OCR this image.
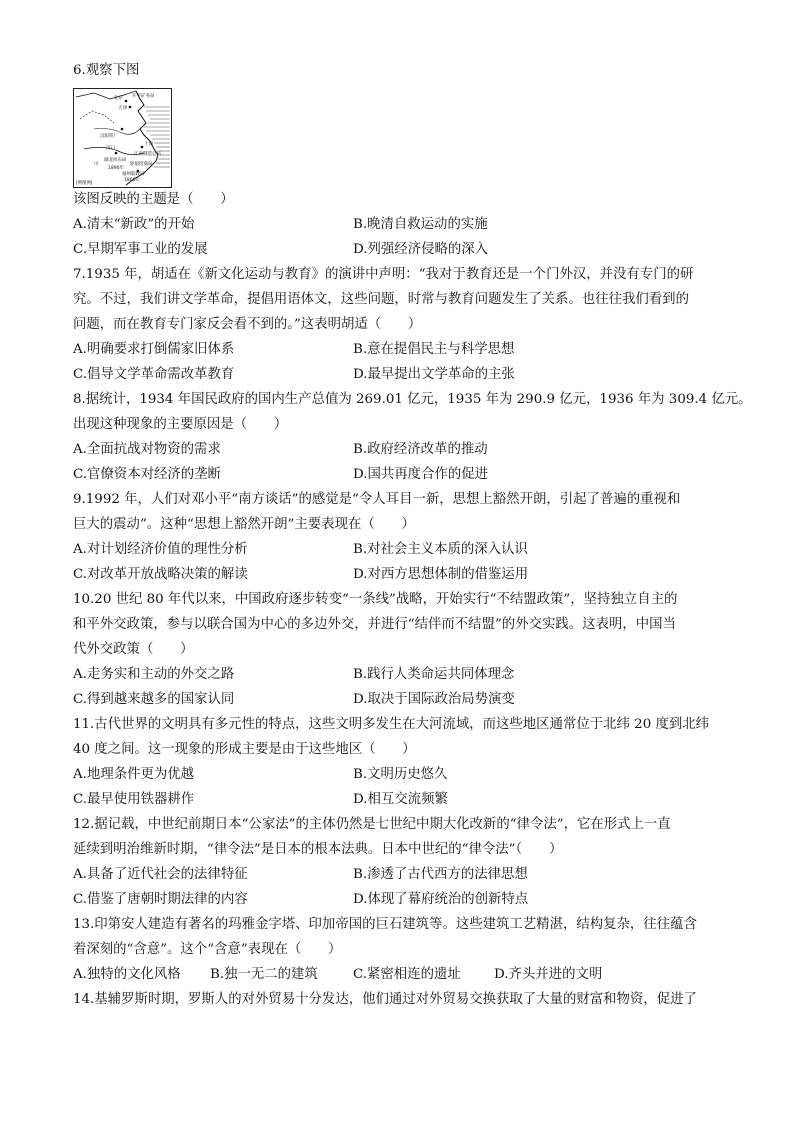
6.观察下图
北京
天津
开平矿务局
汉阳铁厂
上海
汉口
湖北织布局
江南制造总局
1890年
川
福州船政局
轮船招商局
1866年
|例图例|
该图反映的主题是（　　）
A.清末“新政”的开始	B.晚清自救运动的实施
C.早期军事工业的发展	D.列强经济侵略的深入
7.1935 年，胡适在《新文化运动与教育》的演讲中声明：“我对于教育还是一个门外汉，并没有专门的研
究。不过，我们讲文学革命，提倡用语体文，这些问题，时常与教育问题发生了关系。也往往我们看到的
问题，而在教育专门家反会看不到的。”这表明胡适（　　）
A.明确要求打倒儒家旧体系	B.意在提倡民主与科学思想
C.倡导文学革命需改革教育	D.最早提出文学革命的主张
8.据统计，1934 年国民政府的国内生产总值为 269.01 亿元，1935 年为 290.9 亿元，1936 年为 309.4 亿元。
出现这种现象的主要原因是（　　）
A.全面抗战对物资的需求	B.政府经济改革的推动
C.官僚资本对经济的垄断	D.国共再度合作的促进
9.1992 年，人们对邓小平“南方谈话”的感觉是“令人耳目一新，思想上豁然开朗，引起了普遍的重视和
巨大的震动”。这种“思想上豁然开朗”主要表现在（　　）
A.对计划经济价值的理性分析	B.对社会主义本质的深入认识
C.对改革开放战略决策的解读	D.对西方思想体制的借鉴运用
10.20 世纪 80 年代以来，中国政府逐步转变“一条线”战略，开始实行“不结盟政策”，坚持独立自主的
和平外交政策，参与以联合国为中心的多边外交，并进行“结伴而不结盟”的外交实践。这表明，中国当
代外交政策（　　）
A.走务实和主动的外交之路	B.践行人类命运共同体理念
C.得到越来越多的国家认同	D.取决于国际政治局势演变
11.古代世界的文明具有多元性的特点，这些文明多发生在大河流域，而这些地区通常位于北纬 20 度到北纬
40 度之间。这一现象的形成主要是由于这些地区（　　）
A.地理条件更为优越	B.文明历史悠久
C.最早使用铁器耕作	D.相互交流频繁
12.据记载，中世纪前期日本“公家法”的主体仍然是七世纪中期大化改新的“律令法”，它在形式上一直
延续到明治维新时期，“律令法”是日本的根本法典。日本中世纪的“律令法”（　　）
A.具备了近代社会的法律特征	B.渗透了古代西方的法律思想
C.借鉴了唐朝时期法律的内容	D.体现了幕府统治的创新特点
13.印第安人建造有著名的玛雅金字塔、印加帝国的巨石建筑等。这些建筑工艺精湛，结构复杂，往往蕴含
着深刻的“含意”。这个“含意”表现在（　　）
A.独特的文化风格 B.独一无二的建筑	C.紧密相连的遗址 D.齐头并进的文明
14.基辅罗斯时期，罗斯人的对外贸易十分发达，他们通过对外贸易交换获取了大量的财富和物资，促进了
